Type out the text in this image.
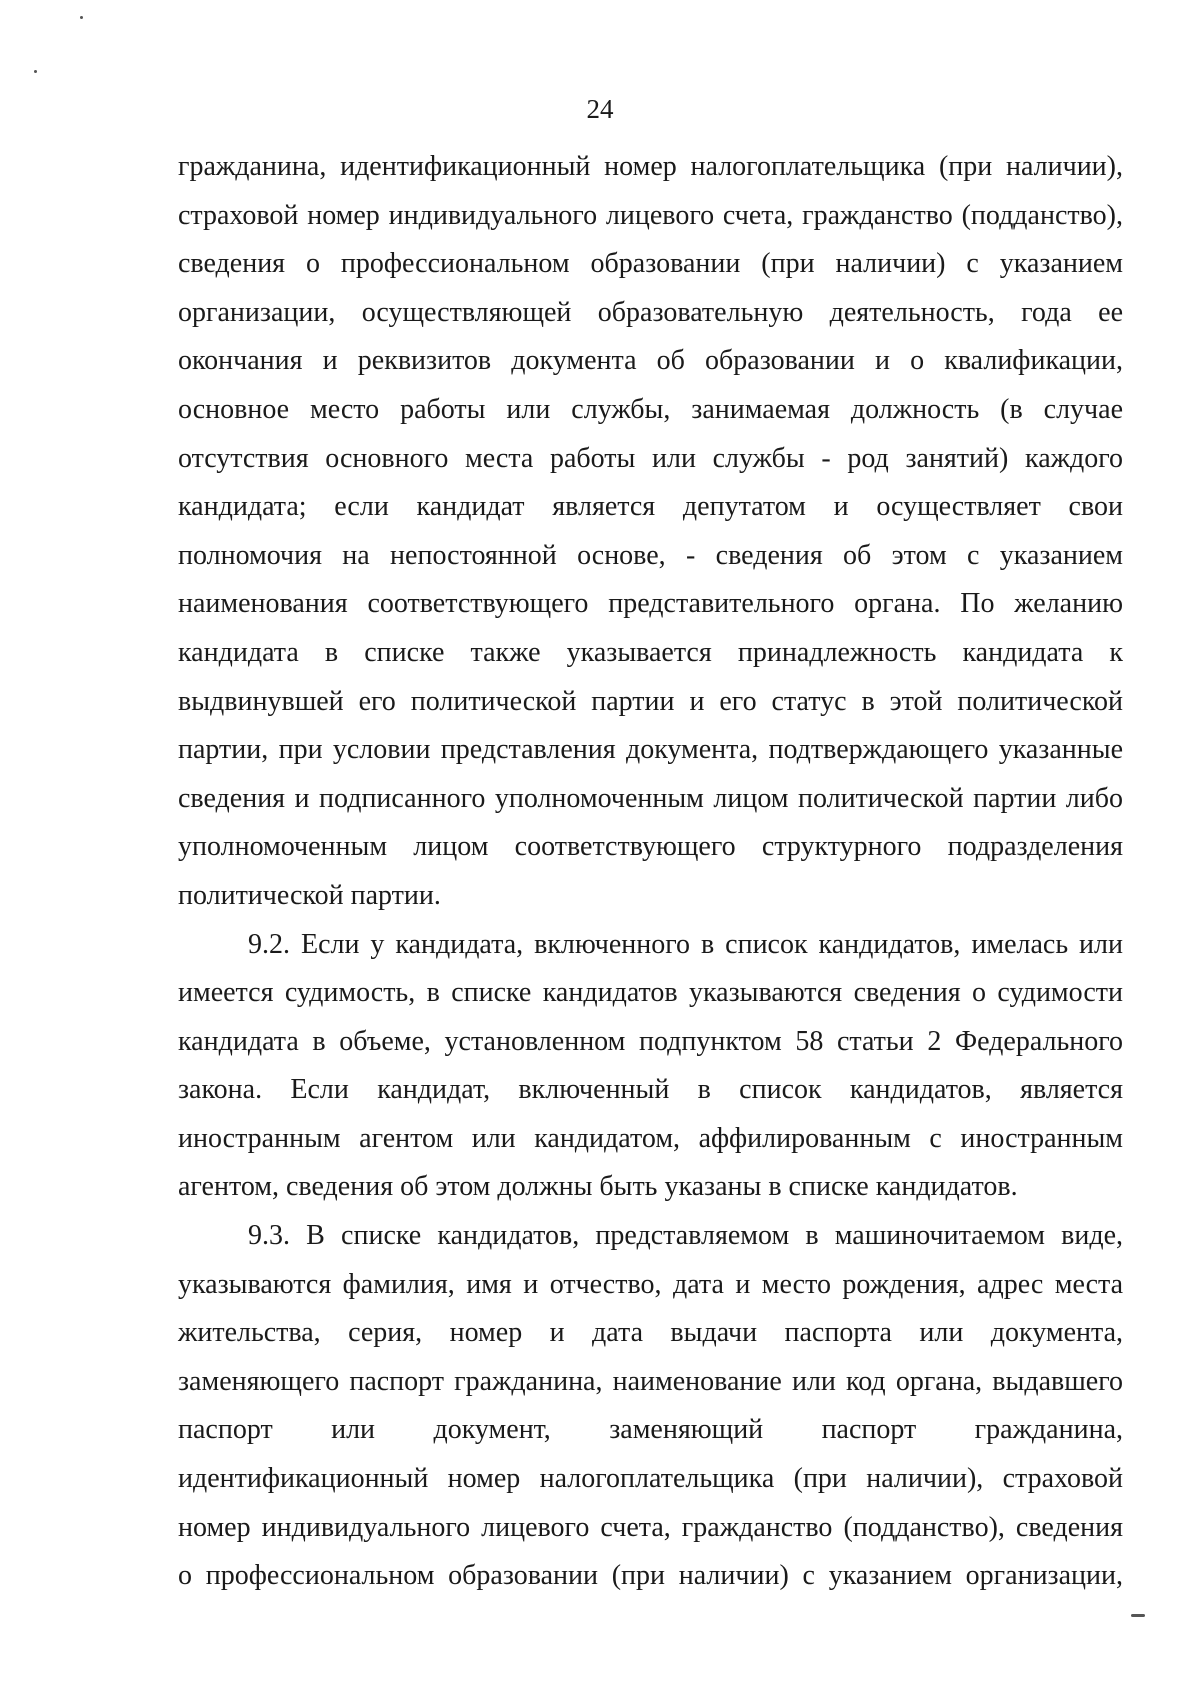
24
гражданина, идентификационный номер налогоплательщика (при наличии),
страховой номер индивидуального лицевого счета, гражданство (подданство),
сведения о профессиональном образовании (при наличии) с указанием
организации, осуществляющей образовательную деятельность, года ее
окончания и реквизитов документа об образовании и о квалификации,
основное место работы или службы, занимаемая должность (в случае
отсутствия основного места работы или службы - род занятий) каждого
кандидата; если кандидат является депутатом и осуществляет свои
полномочия на непостоянной основе, - сведения об этом с указанием
наименования соответствующего представительного органа. По желанию
кандидата в списке также указывается принадлежность кандидата к
выдвинувшей его политической партии и его статус в этой политической
партии, при условии представления документа, подтверждающего указанные
сведения и подписанного уполномоченным лицом политической партии либо
уполномоченным лицом соответствующего структурного подразделения
политической партии.
9.2. Если у кандидата, включенного в список кандидатов, имелась или
имеется судимость, в списке кандидатов указываются сведения о судимости
кандидата в объеме, установленном подпунктом 58 статьи 2 Федерального
закона. Если кандидат, включенный в список кандидатов, является
иностранным агентом или кандидатом, аффилированным с иностранным
агентом, сведения об этом должны быть указаны в списке кандидатов.
9.3. В списке кандидатов, представляемом в машиночитаемом виде,
указываются фамилия, имя и отчество, дата и место рождения, адрес места
жительства, серия, номер и дата выдачи паспорта или документа,
заменяющего паспорт гражданина, наименование или код органа, выдавшего
паспорт или документ, заменяющий паспорт гражданина,
идентификационный номер налогоплательщика (при наличии), страховой
номер индивидуального лицевого счета, гражданство (подданство), сведения
о профессиональном образовании (при наличии) с указанием организации,
